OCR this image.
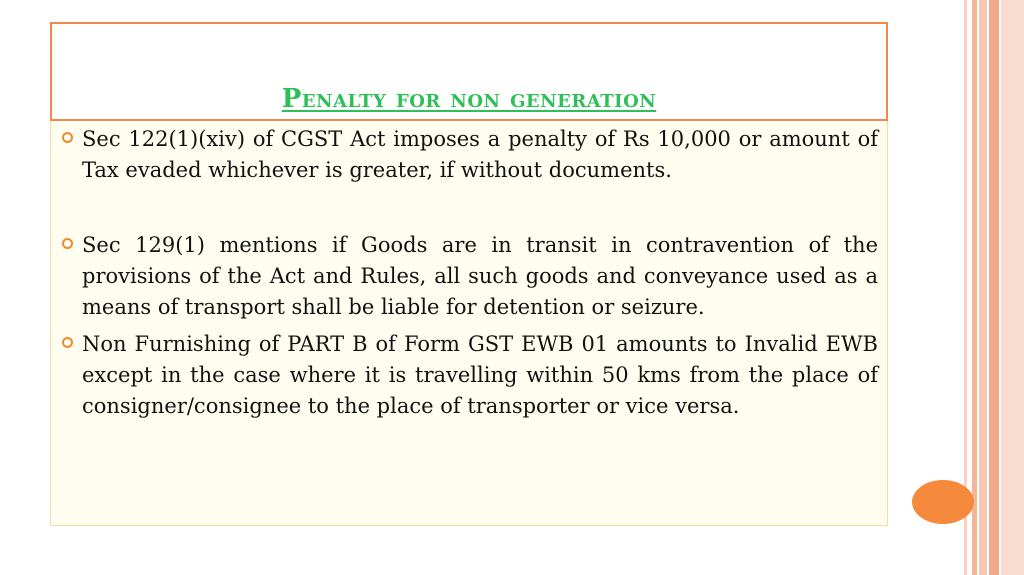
Penalty for non generation
Sec 122(1)(xiv) of CGST Act imposes a penalty of Rs 10,000 or amount of Tax evaded whichever is greater, if without documents.
Sec 129(1) mentions if Goods are in transit in contravention of the provisions of the Act and Rules, all such goods and conveyance used as a means of transport shall be liable for detention or seizure.
Non Furnishing of PART B of Form GST EWB 01 amounts to Invalid EWB except in the case where it is travelling within 50 kms from the place of consigner/consignee to the place of transporter or vice versa.
